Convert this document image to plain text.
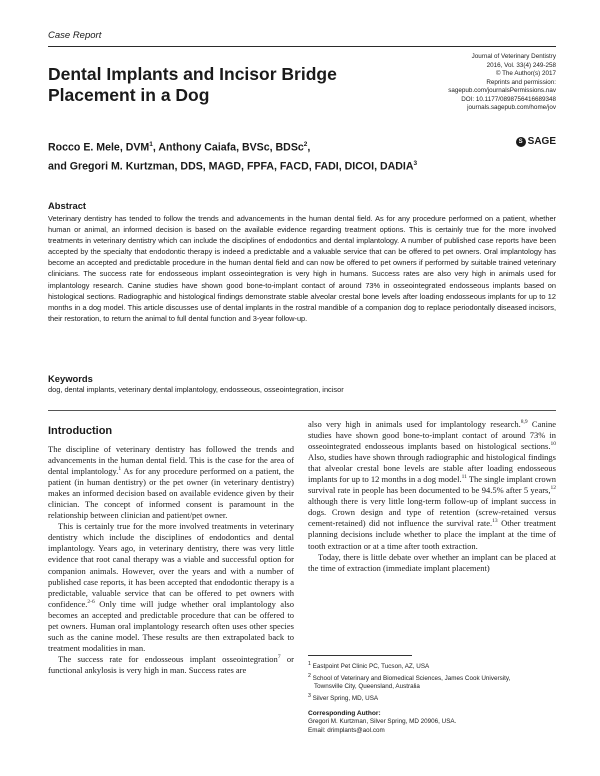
Case Report
Dental Implants and Incisor Bridge Placement in a Dog
Journal of Veterinary Dentistry
2016, Vol. 33(4) 249-258
© The Author(s) 2017
Reprints and permission:
sagepub.com/journalsPermissions.nav
DOI: 10.1177/0898756416689348
journals.sagepub.com/home/jov
S SAGE
Rocco E. Mele, DVM$^1$, Anthony Caiafa, BVSc, BDSc$^2$,
and Gregori M. Kurtzman, DDS, MAGD, FPFA, FACD, FADI, DICOI, DADIA$^3$
Abstract
Veterinary dentistry has tended to follow the trends and advancements in the human dental field. As for any procedure performed on a patient, whether human or animal, an informed decision is based on the available evidence regarding treatment options. This is certainly true for the more involved treatments in veterinary dentistry which can include the disciplines of endodontics and dental implantology. A number of published case reports have been accepted by the specialty that endodontic therapy is indeed a predictable and a valuable service that can be offered to pet owners. Oral implantology has become an accepted and predictable procedure in the human dental field and can now be offered to pet owners if performed by suitable trained veterinary clinicians. The success rate for endosseous implant osseointegration is very high in humans. Success rates are also very high in animals used for implantology research. Canine studies have shown good bone-to-implant contact of around 73% in osseointegrated endosseous implants based on histological sections. Radiographic and histological findings demonstrate stable alveolar crestal bone levels after loading endosseous implants for up to 12 months in a dog model. This article discusses use of dental implants in the rostral mandible of a companion dog to replace periodontally diseased incisors, their restoration, to return the animal to full dental function and 3-year follow-up.
Keywords
dog, dental implants, veterinary dental implantology, endosseous, osseointegration, incisor
Introduction
The discipline of veterinary dentistry has followed the trends and advancements in the human dental field. This is the case for the area of dental implantology.$^1$ As for any procedure performed on a patient, the patient (in human dentistry) or the pet owner (in veterinary dentistry) makes an informed decision based on available evidence given by their clinician. The concept of informed consent is paramount in the relationship between clinician and patient/pet owner.
This is certainly true for the more involved treatments in veterinary dentistry which include the disciplines of endodontics and dental implantology. Years ago, in veterinary dentistry, there was very little evidence that root canal therapy was a viable and successful option for companion animals. However, over the years and with a number of published case reports, it has been accepted that endodontic therapy is a predictable, valuable service that can be offered to pet owners with confidence.$^{2-6}$ Only time will judge whether oral implantology also becomes an accepted and predictable procedure that can be offered to pet owners. Human oral implantology research often uses other species such as the canine model. These results are then extrapolated back to treatment modalities in man.
The success rate for endosseous implant osseointegration$^7$ or functional ankylosis is very high in man. Success rates are
also very high in animals used for implantology research.$^{8,9}$ Canine studies have shown good bone-to-implant contact of around 73% in osseointegrated endosseous implants based on histological sections.$^{10}$ Also, studies have shown through radiographic and histological findings that alveolar crestal bone levels are stable after loading endosseous implants for up to 12 months in a dog model.$^{11}$ The single implant crown survival rate in people has been documented to be 94.5% after 5 years,$^{12}$ although there is very little long-term follow-up of implant success in dogs. Crown design and type of retention (screw-retained versus cement-retained) did not influence the survival rate.$^{13}$ Other treatment planning decisions include whether to place the implant at the time of tooth extraction or at a time after tooth extraction.
Today, there is little debate over whether an implant can be placed at the time of extraction (immediate implant placement)
$^1$ Eastpoint Pet Clinic PC, Tucson, AZ, USA
$^2$ School of Veterinary and Biomedical Sciences, James Cook University,
Townsville City, Queensland, Australia
$^3$ Silver Spring, MD, USA
Corresponding Author:
Gregori M. Kurtzman, Silver Spring, MD 20906, USA.
Email: drimplants@aol.com
